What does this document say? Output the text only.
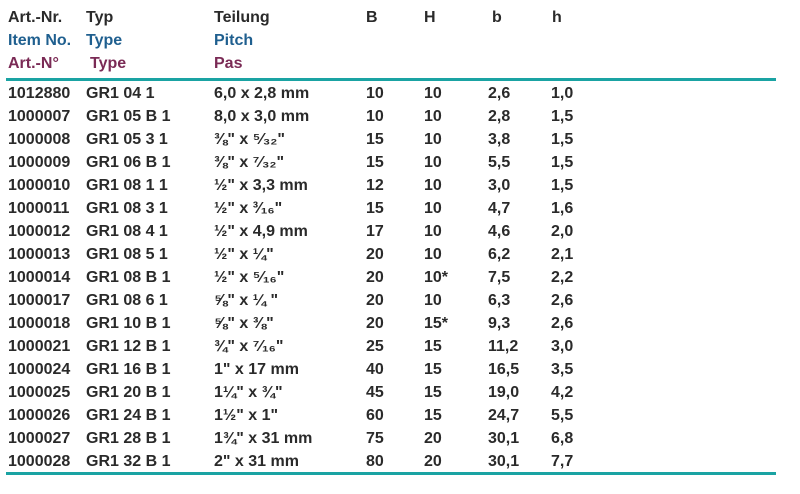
Art.-Nr. Typ	Teilung	B	H	b	h
Item No. Type	Pitch
Art.-N° Type	Pas
1012880 GR1 04 1	6,0 x 2,8 mm	10	10	2,6	1,0
1000007 GR1 05 B 1	8,0 x 3,0 mm	10	10	2,8	1,5
1000008 GR1 05 3 1	⅜" x ⁵⁄₃₂"	15	10	3,8	1,5
1000009 GR1 06 B 1	⅜" x ⁷⁄₃₂"	15	10	5,5	1,5
1000010 GR1 08 1 1	½" x 3,3 mm	12	10	3,0	1,5
1000011 GR1 08 3 1	½" x ³⁄₁₆"	15	10	4,7	1,6
1000012 GR1 08 4 1	½" x 4,9 mm	17	10	4,6	2,0
1000013 GR1 08 5 1	½" x ¼"	20	10	6,2	2,1
1000014 GR1 08 B 1	½" x ⁵⁄₁₆"	20	10* 7,5	2,2
1000017 GR1 08 6 1	⅝" x ¼ "	20	10	6,3	2,6
1000018 GR1 10 B 1	⅝" x ⅜"	20	15* 9,3	2,6
1000021 GR1 12 B 1	¾" x ⁷⁄₁₆"	25	15	11,2 3,0
1000024 GR1 16 B 1	1" x 17 mm	40	15	16,5 3,5
1000025 GR1 20 B 1	1¼" x ¾"	45	15	19,0 4,2
1000026 GR1 24 B 1	1½" x 1"	60	15	24,7 5,5
1000027 GR1 28 B 1	1¾" x 31 mm	75	20	30,1 6,8
1000028 GR1 32 B 1	2" x 31 mm	80	20	30,1 7,7
